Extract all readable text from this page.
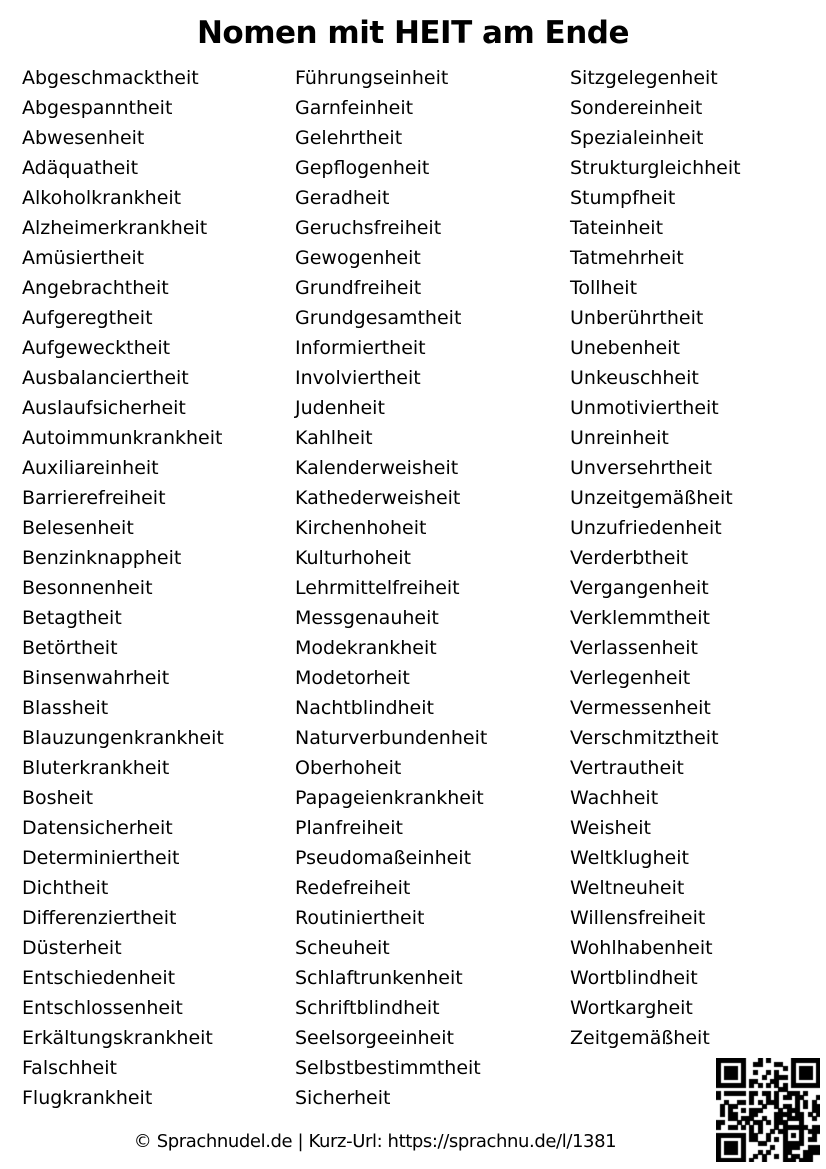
Nomen mit HEIT am Ende
Abgeschmacktheit
Abgespanntheit
Abwesenheit
Adäquatheit
Alkoholkrankheit
Alzheimerkrankheit
Amüsiertheit
Angebrachtheit
Aufgeregtheit
Aufgewecktheit
Ausbalanciertheit
Auslaufsicherheit
Autoimmunkrankheit
Auxiliareinheit
Barrierefreiheit
Belesenheit
Benzinknappheit
Besonnenheit
Betagtheit
Betörtheit
Binsenwahrheit
Blassheit
Blauzungenkrankheit
Bluterkrankheit
Bosheit
Datensicherheit
Determiniertheit
Dichtheit
Differenziertheit
Düsterheit
Entschiedenheit
Entschlossenheit
Erkältungskrankheit
Falschheit
Flugkrankheit
Führungseinheit
Garnfeinheit
Gelehrtheit
Gepflogenheit
Geradheit
Geruchsfreiheit
Gewogenheit
Grundfreiheit
Grundgesamtheit
Informiertheit
Involviertheit
Judenheit
Kahlheit
Kalenderweisheit
Kathederweisheit
Kirchenhoheit
Kulturhoheit
Lehrmittelfreiheit
Messgenauheit
Modekrankheit
Modetorheit
Nachtblindheit
Naturverbundenheit
Oberhoheit
Papageienkrankheit
Planfreiheit
Pseudomaßeinheit
Redefreiheit
Routiniertheit
Scheuheit
Schlaftrunkenheit
Schriftblindheit
Seelsorgeeinheit
Selbstbestimmtheit
Sicherheit
Sitzgelegenheit
Sondereinheit
Spezialeinheit
Strukturgleichheit
Stumpfheit
Tateinheit
Tatmehrheit
Tollheit
Unberührtheit
Unebenheit
Unkeuschheit
Unmotiviertheit
Unreinheit
Unversehrtheit
Unzeitgemäßheit
Unzufriedenheit
Verderbtheit
Vergangenheit
Verklemmtheit
Verlassenheit
Verlegenheit
Vermessenheit
Verschmitztheit
Vertrautheit
Wachheit
Weisheit
Weltklugheit
Weltneuheit
Willensfreiheit
Wohlhabenheit
Wortblindheit
Wortkargheit
Zeitgemäßheit
© Sprachnudel.de | Kurz-Url: https://sprachnu.de/l/1381
